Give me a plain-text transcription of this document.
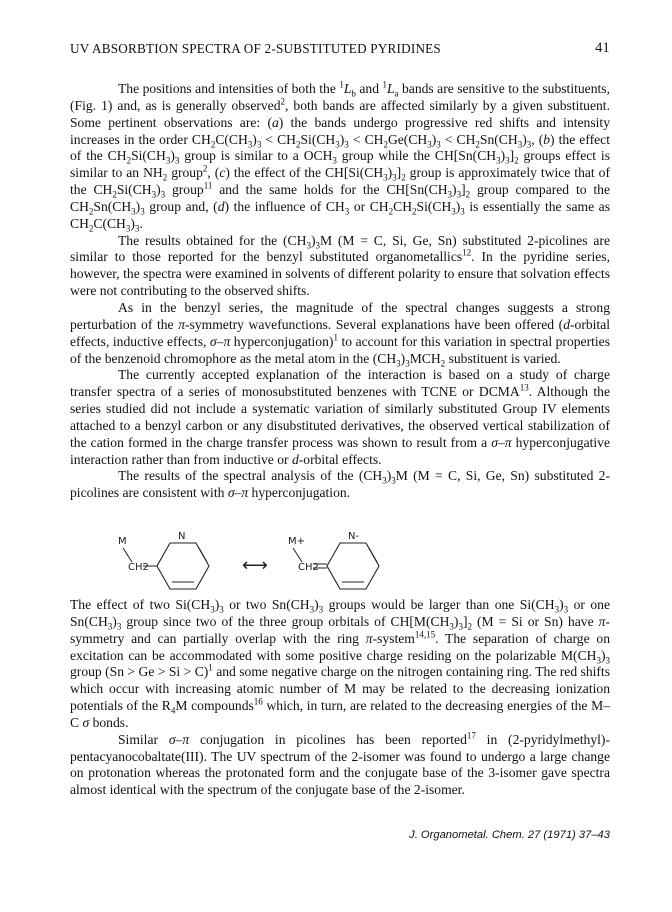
UV ABSORBTION SPECTRA OF 2-SUBSTITUTED PYRIDINES	41

The positions and intensities of both the $^1L_b$ and $^1L_a$ bands are sensitive to the substituents, (Fig. 1) and, as is generally observed$^2$, both bands are affected similarly by a given substituent. Some pertinent observations are: (a) the bands undergo progressive red shifts and intensity increases in the order $CH_2C(CH_3)_3 < CH_2Si(CH_3)_3 < CH_2Ge(CH_3)_3 < CH_2Sn(CH_3)_3$, (b) the effect of the $CH_2Si(CH_3)_3$ group is similar to a $OCH_3$ group while the $CH[Sn(CH_3)_3]_2$ groups effect is similar to an $NH_2$ group$^2$, (c) the effect of the $CH[Si(CH_3)_3]_2$ group is approximately twice that of the $CH_2Si(CH_3)_3$ group$^{11}$ and the same holds for the $CH[Sn(CH_3)_3]_2$ group compared to the $CH_2Sn(CH_3)_3$ group and, (d) the influence of $CH_3$ or $CH_2CH_2Si(CH_3)_3$ is essentially the same as $CH_2C(CH_3)_3$.

The results obtained for the $(CH_3)_3M$ (M = C, Si, Ge, Sn) substituted 2-picolines are similar to those reported for the benzyl substituted organometallics$^{12}$. In the pyridine series, however, the spectra were examined in solvents of different polarity to ensure that solvation effects were not contributing to the observed shifts.

As in the benzyl series, the magnitude of the spectral changes suggests a strong perturbation of the π-symmetry wavefunctions. Several explanations have been offered (d-orbital effects, inductive effects, σ–π hyperconjugation)$^1$ to account for this variation in spectral properties of the benzenoid chromophore as the metal atom in the $(CH_3)_3MCH_2$ substituent is varied.

The currently accepted explanation of the interaction is based on a study of charge transfer spectra of a series of monosubstituted benzenes with TCNE or DCMA$^{13}$. Although the series studied did not include a systematic variation of similarly substituted Group IV elements attached to a benzyl carbon or any disubstituted derivatives, the observed vertical stabilization of the cation formed in the charge transfer process was shown to result from a σ–π hyperconjugative interaction rather than from inductive or d-orbital effects.

The results of the spectral analysis of the $(CH_3)_3M$ (M = C, Si, Ge, Sn) substituted 2-picolines are consistent with σ–π hyperconjugation.

M
CH2
N
⟷
M+
CH2
N-

The effect of two $Si(CH_3)_3$ or two $Sn(CH_3)_3$ groups would be larger than one $Si(CH_3)_3$ or one $Sn(CH_3)_3$ group since two of the three group orbitals of $CH[M(CH_3)_3]_2$ (M = Si or Sn) have π-symmetry and can partially overlap with the ring π-system$^{14,15}$. The separation of charge on excitation can be accommodated with some positive charge residing on the polarizable $M(CH_3)_3$ group (Sn > Ge > Si > C)$^1$ and some negative charge on the nitrogen containing ring. The red shifts which occur with increasing atomic number of M may be related to the decreasing ionization potentials of the $R_4M$ compounds$^{16}$ which, in turn, are related to the decreasing energies of the M–C σ bonds.

Similar σ–π conjugation in picolines has been reported$^{17}$ in (2-pyridylmethyl)-pentacyanocobaltate(III). The UV spectrum of the 2-isomer was found to undergo a large change on protonation whereas the protonated form and the conjugate base of the 3-isomer gave spectra almost identical with the spectrum of the conjugate base of the 2-isomer.

J. Organometal. Chem. 27 (1971) 37–43
